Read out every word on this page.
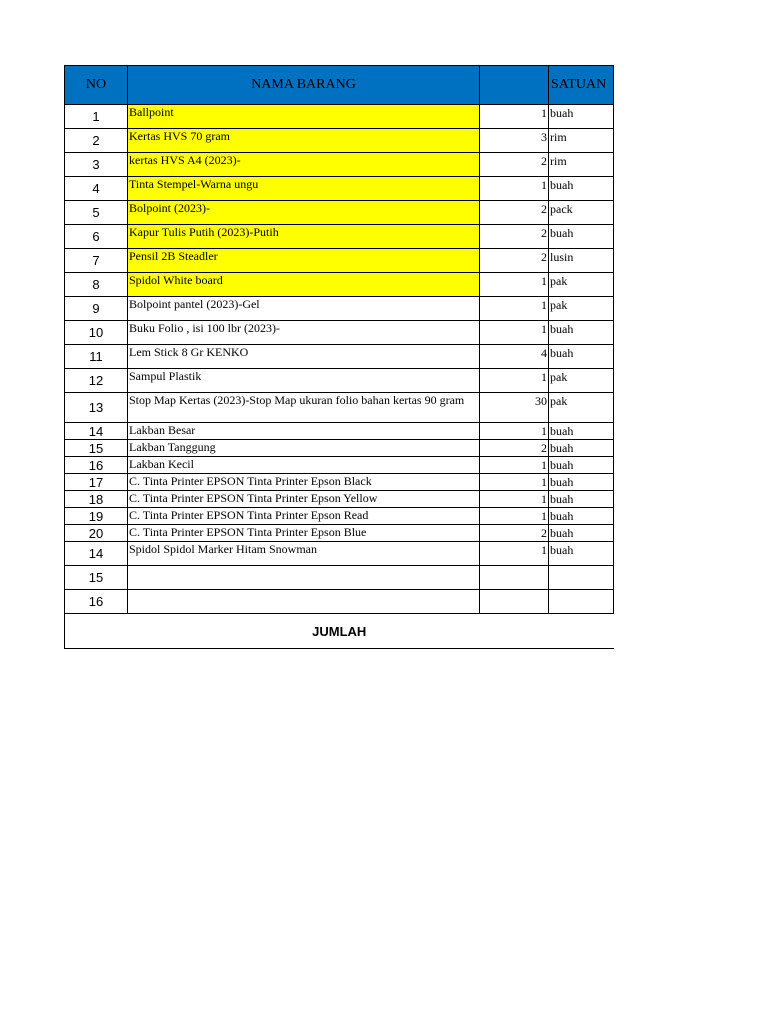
NO	NAMA BARANG		SATUAN
1	Ballpoint	1	buah
2	Kertas HVS 70 gram	3	rim
3	kertas HVS A4 (2023)-	2	rim
4	Tinta Stempel-Warna ungu	1	buah
5	Bolpoint (2023)-	2	pack
6	Kapur Tulis Putih (2023)-Putih	2	buah
7	Pensil 2B Steadler	2	lusin
8	Spidol White board	1	pak
9	Bolpoint pantel (2023)-Gel	1	pak
10	Buku Folio , isi 100 lbr (2023)-	1	buah
11	Lem Stick 8 Gr KENKO	4	buah
12	Sampul Plastik	1	pak
13	Stop Map Kertas (2023)-Stop Map ukuran folio bahan kertas 90 gram	30	pak
14	Lakban Besar	1	buah
15	Lakban Tanggung	2	buah
16	Lakban Kecil	1	buah
17	C. Tinta Printer EPSON Tinta Printer Epson Black	1	buah
18	C. Tinta Printer EPSON Tinta Printer Epson Yellow	1	buah
19	C. Tinta Printer EPSON Tinta Printer Epson Read	1	buah
20	C. Tinta Printer EPSON Tinta Printer Epson Blue	2	buah
14	Spidol Spidol Marker Hitam Snowman	1	buah
15			
16			
JUMLAH			
